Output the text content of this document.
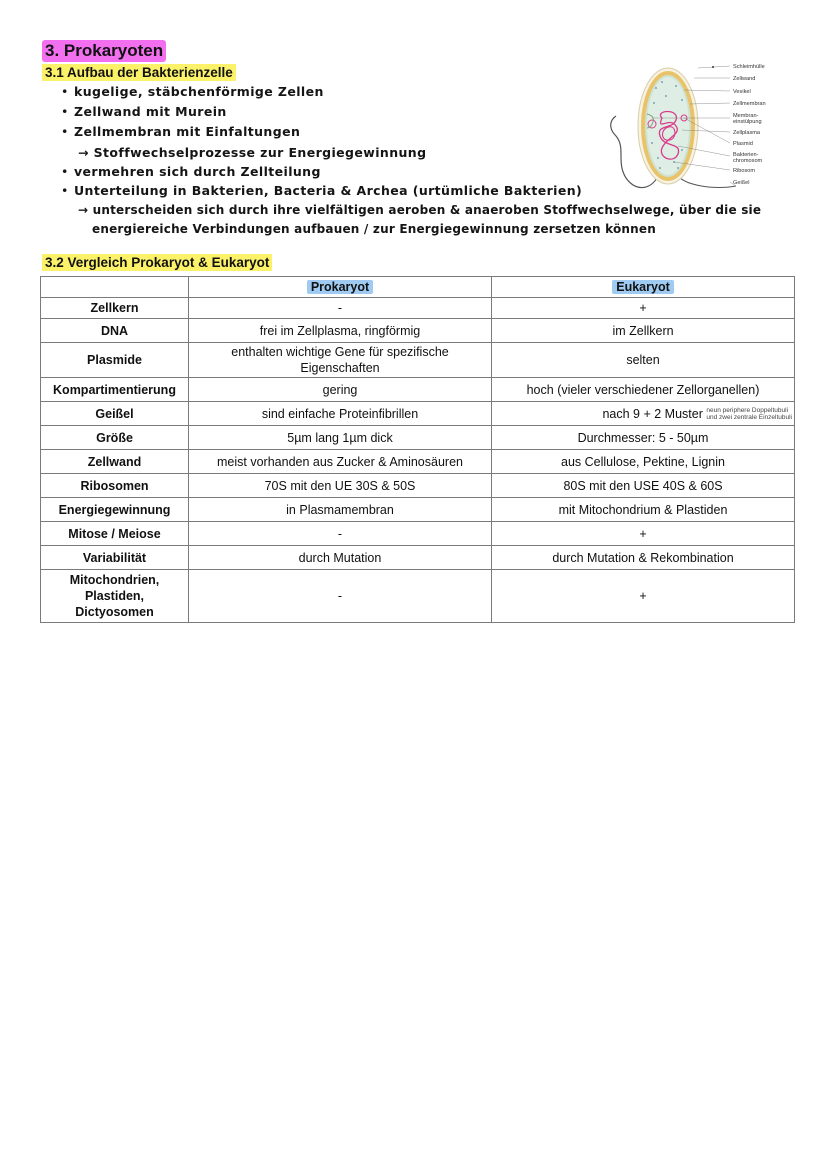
3. Prokaryoten
3.1 Aufbau der Bakterienzelle
• kugelige, stäbchenförmige Zellen
• Zellwand mit Murein
• Zellmembran mit Einfaltungen
→ Stoffwechselprozesse zur Energiegewinnung
• vermehren sich durch Zellteilung
• Unterteilung in Bakterien, Bacteria & Archea (urtümliche Bakterien)
→ unterscheiden sich durch ihre vielfältigen aeroben & anaeroben Stoffwechselwege, über die sie
energiereiche Verbindungen aufbauen / zur Energiegewinnung zersetzen können
Schleimhülle
Zellwand
Vesikel
Zellmembran
Membran-
einstülpung
Zellplasma
Plasmid
Bakterien-
chromosom
Ribosom
Geißel
3.2 Vergleich Prokaryot & Eukaryot
	Prokaryot	Eukaryot
Zellkern	-	+
DNA	frei im Zellplasma, ringförmig	im Zellkern
Plasmide	enthalten wichtige Gene für spezifische Eigenschaften	selten
Kompartimentierung	gering	hoch (vieler verschiedener Zellorganellen)
Geißel	sind einfache Proteinfibrillen	nach 9 + 2 Muster neun periphere Doppeltubuli
und zwei zentrale Einzeltubuli
Größe	5µm lang 1µm dick	Durchmesser: 5 - 50µm
Zellwand	meist vorhanden aus Zucker & Aminosäuren	aus Cellulose, Pektine, Lignin
Ribosomen	70S mit den UE 30S & 50S	80S mit den USE 40S & 60S
Energiegewinnung	in Plasmamembran	mit Mitochondrium & Plastiden
Mitose / Meiose	-	+
Variabilität	durch Mutation	durch Mutation & Rekombination
Mitochondrien, Plastiden, Dictyosomen	-	+
